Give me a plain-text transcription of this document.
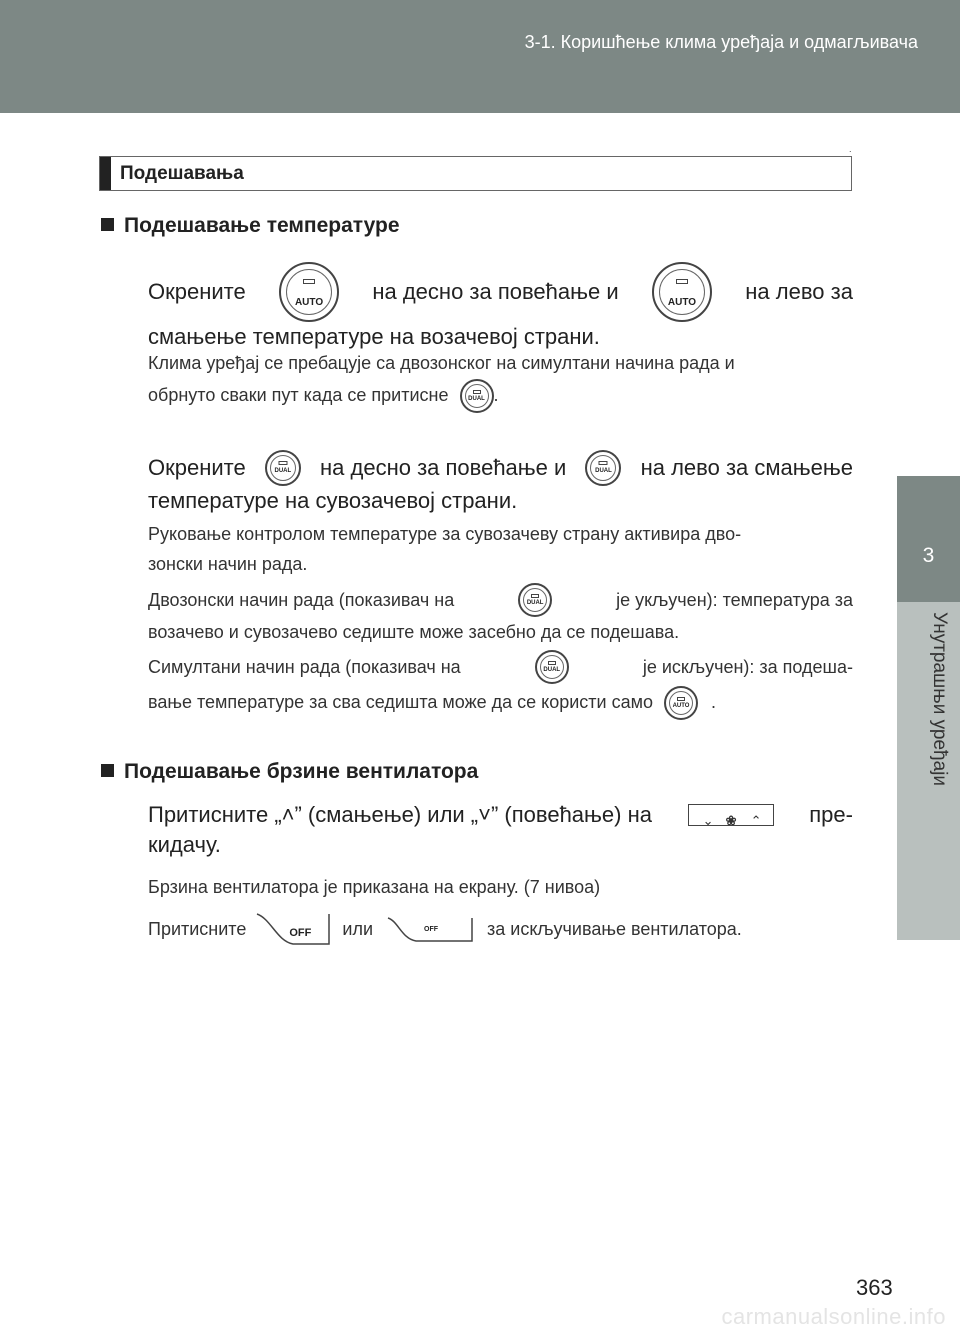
3-1. Коришћење клима уређаја и одмагљивача
3
Унутрашњи уређаји
.
Подешавања
Подешавање температуре
Окрените	AUTO	на десно за повећање и	AUTO	на лево за
смањење температуре на возачевој страни.
Клима уређај се пребацује са двозонског на симултани начина рада и
обрнуто сваки пут када се притисне	DUAL .
Окрените	DUAL	на десно за повећање и	DUAL	на лево за смањење
температуре на сувозачевој страни.
Руковање контролом температуре за сувозачеву страну активира дво-
зонски начин рада.
Двозонски начин рада (показивач на	DUAL	је укључен): температура за
возачево и сувозачево седиште може засебно да се подешава.
Симултани начин рада (показивач на	DUAL	је искључен): за подеша-
вање температуре за сва седишта може да се користи само	AUTO	.
Подешавање брзине вентилатора
Притисните „˄” (смањење) или „˅” (повећање) на	⌄ ❀ ⌃ пре-
кидачу.
Брзина вентилатора је приказана на екрану. (7 нивоа)
Притисните	OFF или	OFF	за искључивање вентилатора.
363
carmanualsonline.info
